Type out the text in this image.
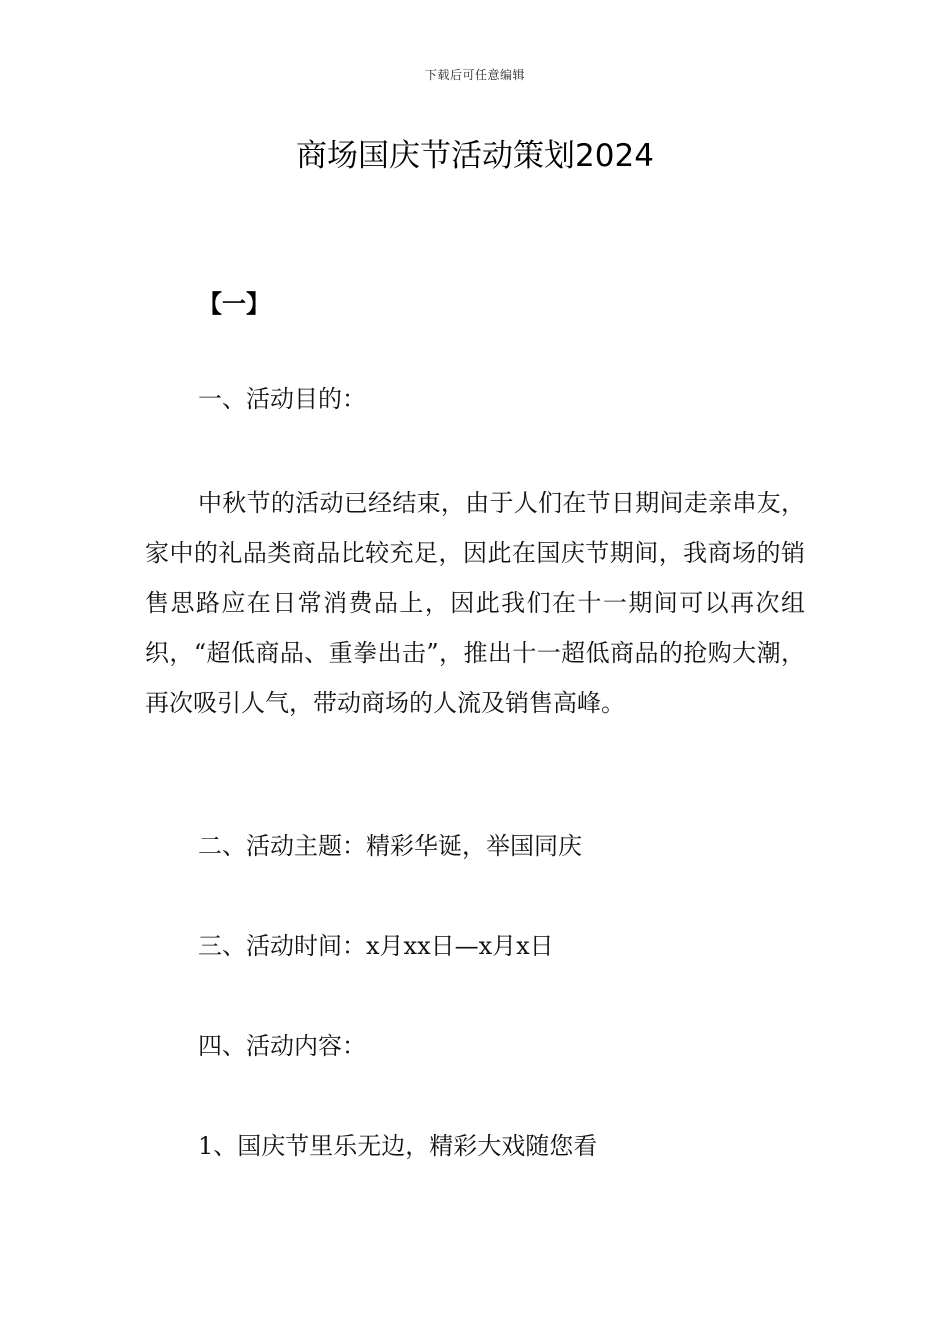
下载后可任意编辑
商场国庆节活动策划2024
【一】
一、活动目的：
中秋节的活动已经结束，由于人们在节日期间走亲串友，家中的礼品类商品比较充足，因此在国庆节期间，我商场的销售思路应在日常消费品上，因此我们在十一期间可以再次组织，“超低商品、重拳出击”，推出十一超低商品的抢购大潮，再次吸引人气，带动商场的人流及销售高峰。
二、活动主题：精彩华诞，举国同庆
三、活动时间：x月xx日—x月x日
四、活动内容：
1、国庆节里乐无边，精彩大戏随您看
